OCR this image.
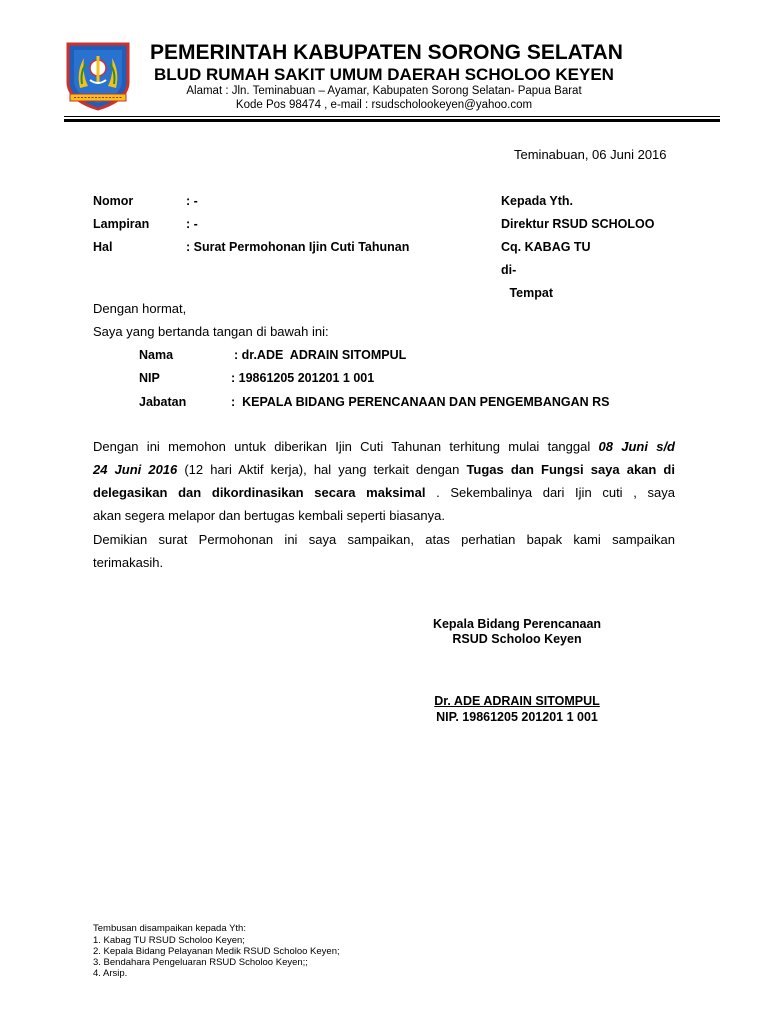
PEMERINTAH KABUPATEN SORONG SELATAN
BLUD RUMAH SAKIT UMUM DAERAH SCHOLOO KEYEN
Alamat : Jln. Teminabuan – Ayamar, Kabupaten Sorong Selatan- Papua Barat
Kode Pos 98474 , e-mail : rsudscholookeyen@yahoo.com
Teminabuan, 06 Juni 2016
Nomor	: -
Lampiran	: -
Hal	: Surat Permohonan Ijin Cuti Tahunan
Kepada Yth.
Direktur RSUD SCHOLOO
Cq. KABAG TU
di-
Tempat
Dengan hormat,
Saya yang bertanda tangan di bawah ini:
Nama	: dr.ADE  ADRAIN SITOMPUL
NIP	: 19861205 201201 1 001
Jabatan	:  KEPALA BIDANG PERENCANAAN DAN PENGEMBANGAN RS
Dengan ini memohon untuk diberikan Ijin Cuti Tahunan terhitung mulai tanggal 08 Juni s/d
24 Juni 2016 (12 hari Aktif kerja), hal yang terkait dengan Tugas dan Fungsi saya akan di
delegasikan dan dikordinasikan secara maksimal . Sekembalinya dari Ijin cuti , saya
akan segera melapor dan bertugas kembali seperti biasanya.
Demikian surat Permohonan ini saya sampaikan, atas perhatian bapak kami sampaikan
terimakasih.
Kepala Bidang Perencanaan
RSUD Scholoo Keyen
Dr. ADE ADRAIN SITOMPUL
NIP. 19861205 201201 1 001
Tembusan disampaikan kepada Yth:
1. Kabag TU RSUD Scholoo Keyen;
2. Kepala Bidang Pelayanan Medik RSUD Scholoo Keyen;
3. Bendahara Pengeluaran RSUD Scholoo Keyen;;
4. Arsip.
